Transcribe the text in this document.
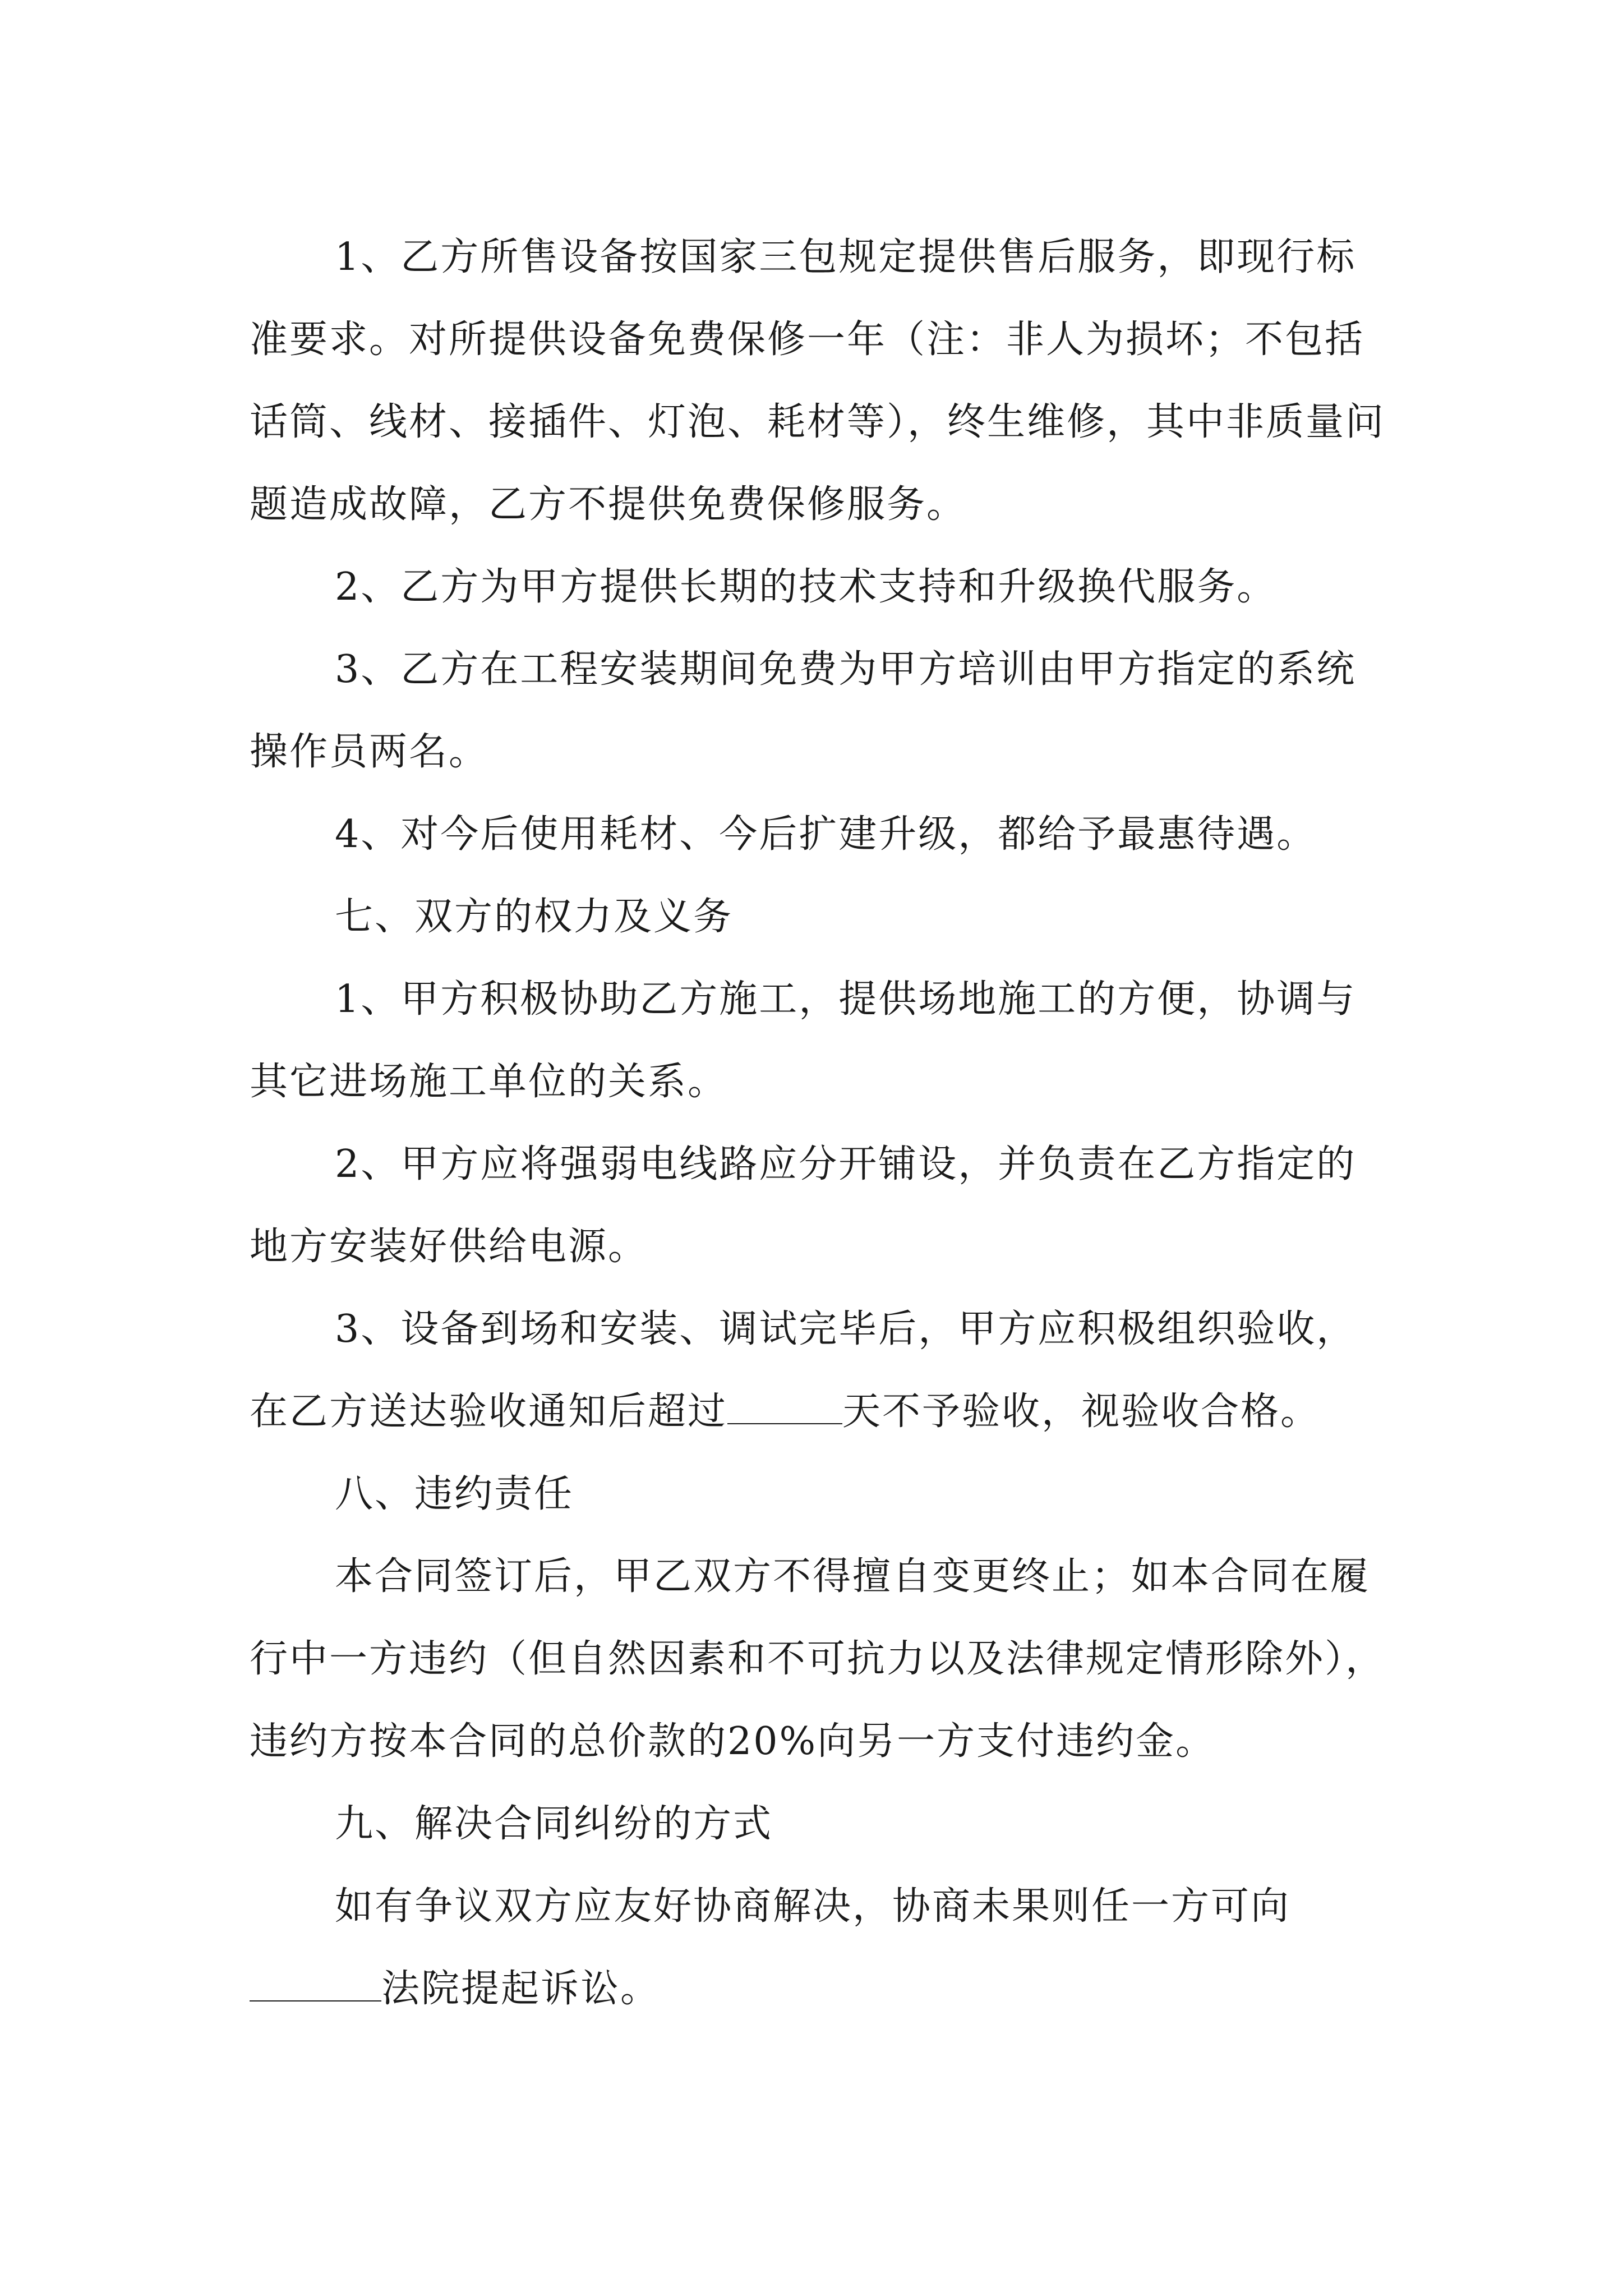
1、乙方所售设备按国家三包规定提供售后服务，即现行标准要求。对所提供设备免费保修一年（注：非人为损坏；不包括话筒、线材、接插件、灯泡、耗材等），终生维修，其中非质量问题造成故障，乙方不提供免费保修服务。

2、乙方为甲方提供长期的技术支持和升级换代服务。

3、乙方在工程安装期间免费为甲方培训由甲方指定的系统操作员两名。

4、对今后使用耗材、今后扩建升级，都给予最惠待遇。

七、双方的权力及义务

1、甲方积极协助乙方施工，提供场地施工的方便，协调与其它进场施工单位的关系。

2、甲方应将强弱电线路应分开铺设，并负责在乙方指定的地方安装好供给电源。

3、设备到场和安装、调试完毕后，甲方应积极组织验收，在乙方送达验收通知后超过	天不予验收，视验收合格。

八、违约责任

本合同签订后，甲乙双方不得擅自变更终止；如本合同在履行中一方违约（但自然因素和不可抗力以及法律规定情形除外），违约方按本合同的总价款的20%向另一方支付违约金。

九、解决合同纠纷的方式

如有争议双方应友好协商解决，协商未果则任一方可向

法院提起诉讼。
